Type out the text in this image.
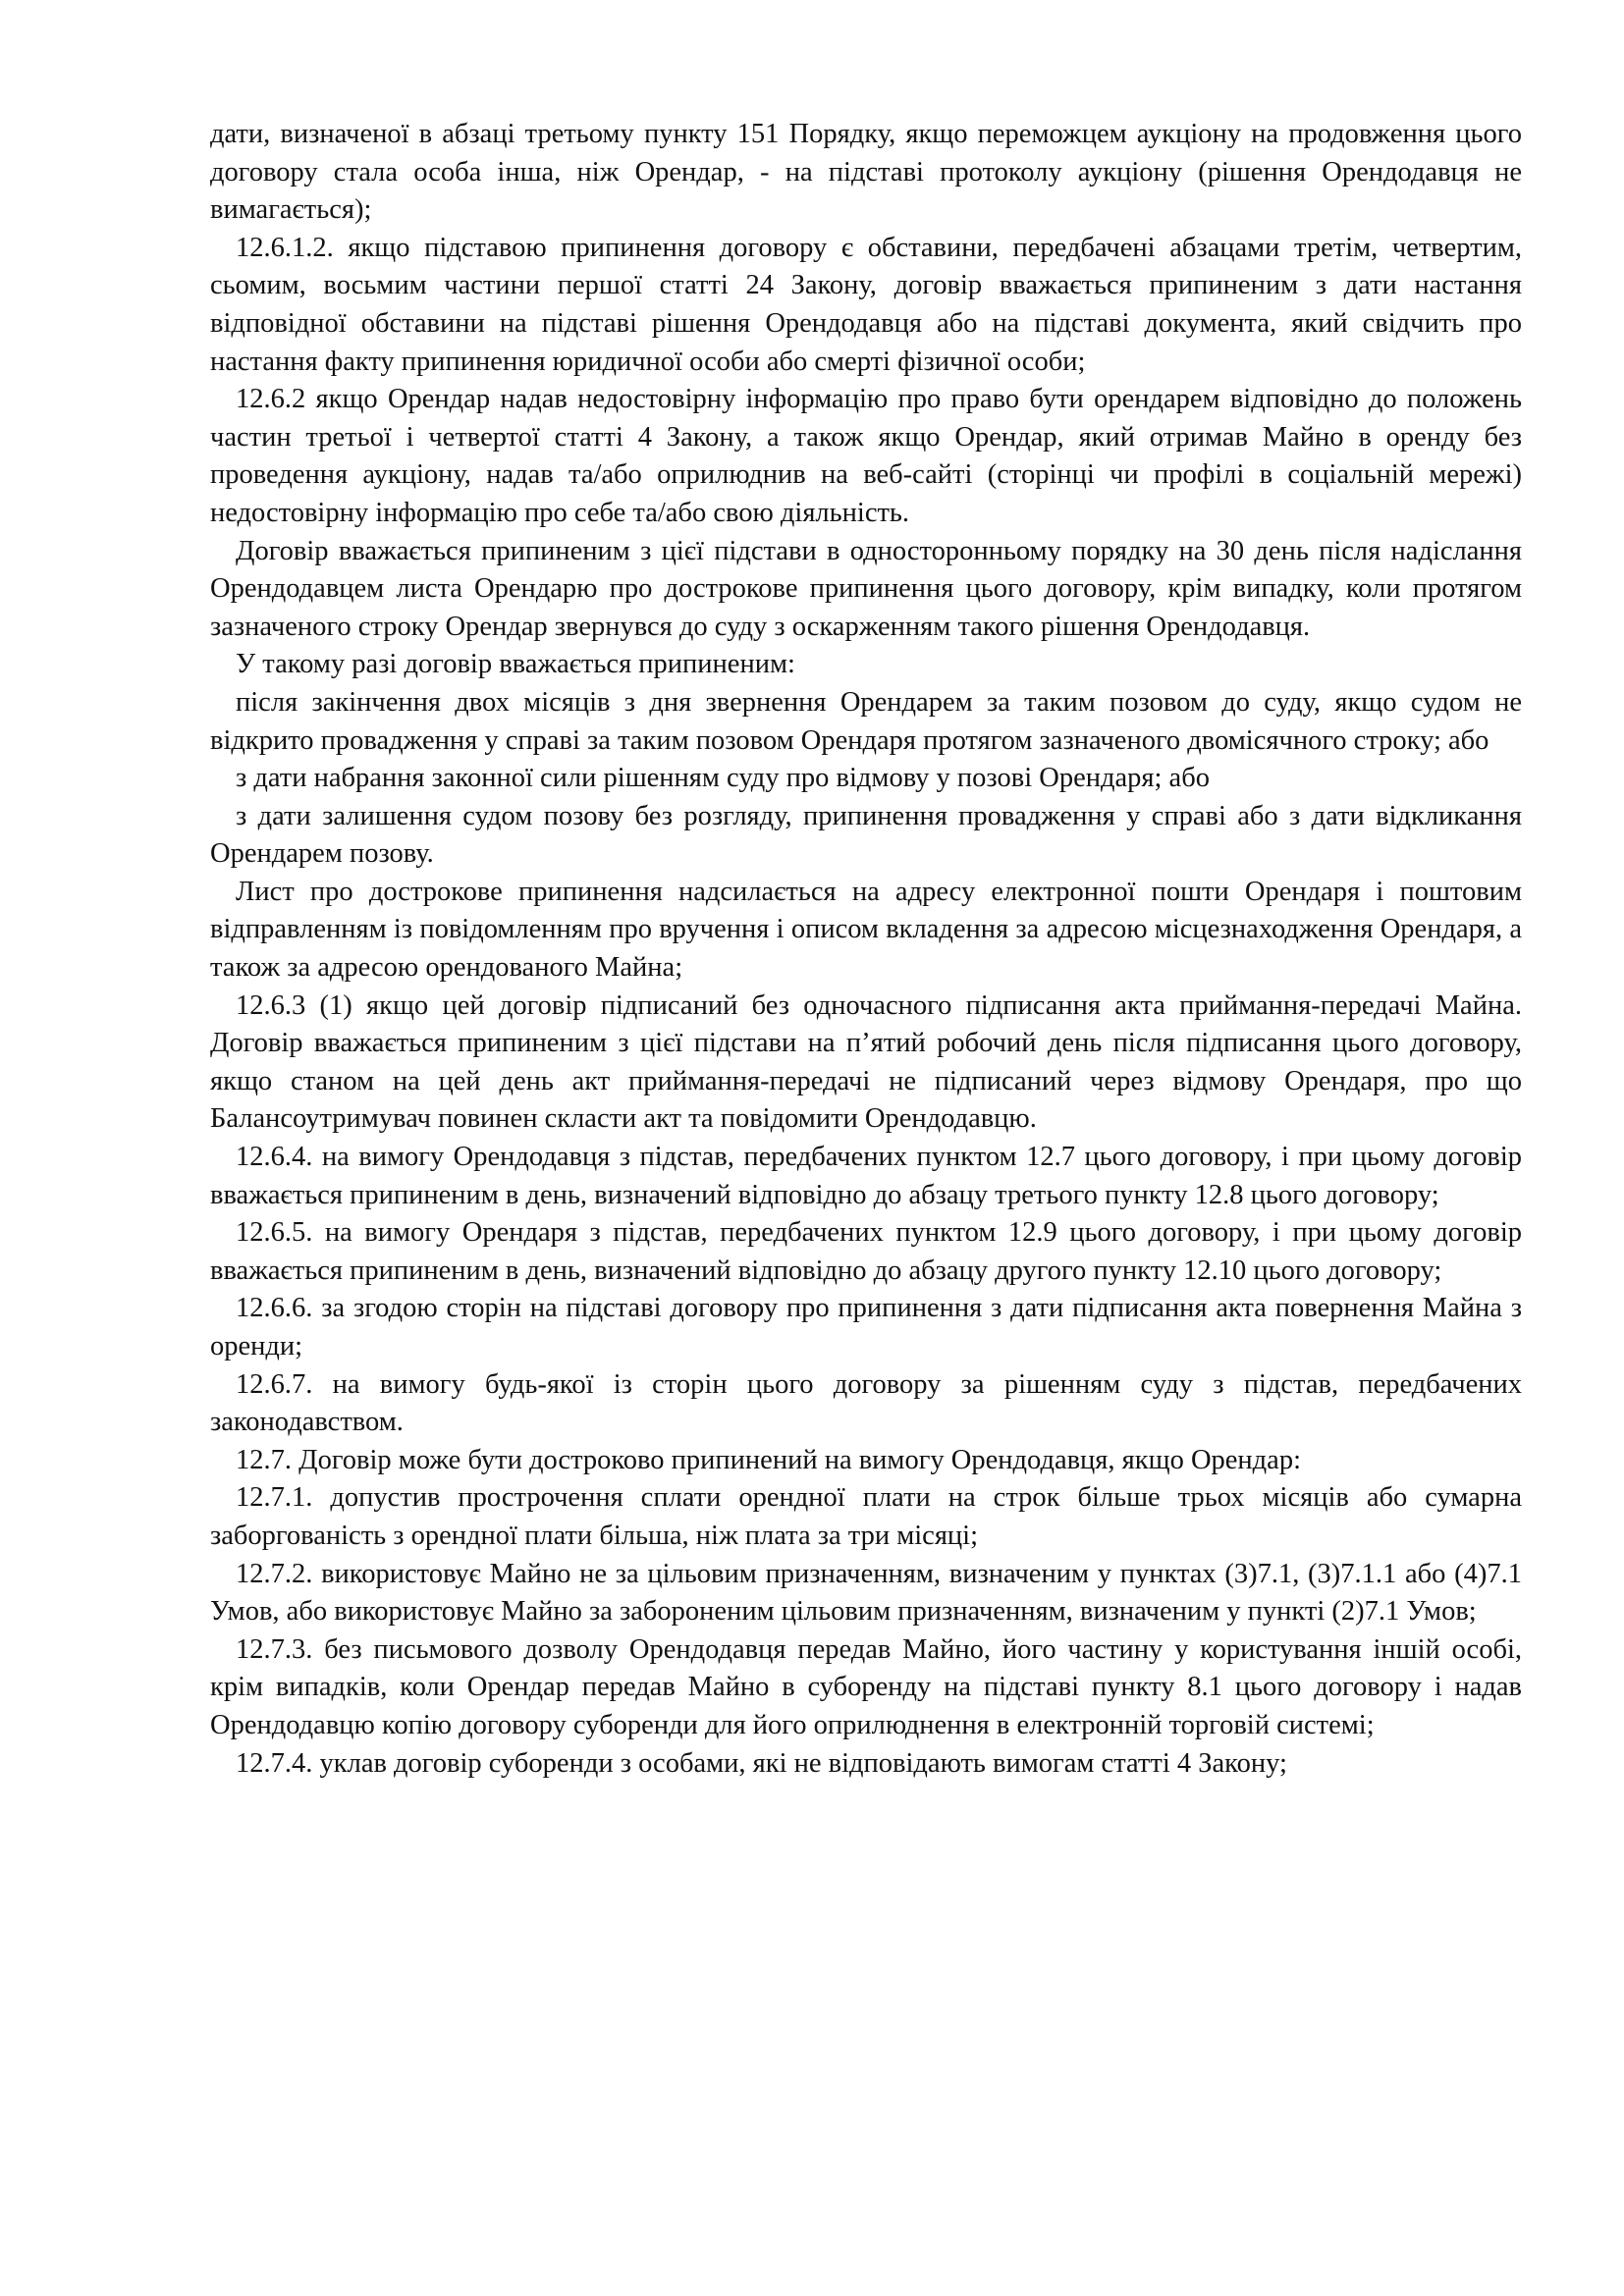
дати, визначеної в абзаці третьому пункту 151 Порядку, якщо переможцем аукціону на продовження цього договору стала особа інша, ніж Орендар, - на підставі протоколу аукціону (рішення Орендодавця не вимагається);

12.6.1.2. якщо підставою припинення договору є обставини, передбачені абзацами третім, четвертим, сьомим, восьмим частини першої статті 24 Закону, договір вважається припиненим з дати настання відповідної обставини на підставі рішення Орендодавця або на підставі документа, який свідчить про настання факту припинення юридичної особи або смерті фізичної особи;

12.6.2 якщо Орендар надав недостовірну інформацію про право бути орендарем відповідно до положень частин третьої і четвертої статті 4 Закону, а також якщо Орендар, який отримав Майно в оренду без проведення аукціону, надав та/або оприлюднив на веб-сайті (сторінці чи профілі в соціальній мережі) недостовірну інформацію про себе та/або свою діяльність.

Договір вважається припиненим з цієї підстави в односторонньому порядку на 30 день після надіслання Орендодавцем листа Орендарю про дострокове припинення цього договору, крім випадку, коли протягом зазначеного строку Орендар звернувся до суду з оскарженням такого рішення Орендодавця.

У такому разі договір вважається припиненим:

після закінчення двох місяців з дня звернення Орендарем за таким позовом до суду, якщо судом не відкрито провадження у справі за таким позовом Орендаря протягом зазначеного двомісячного строку; або

з дати набрання законної сили рішенням суду про відмову у позові Орендаря; або

з дати залишення судом позову без розгляду, припинення провадження у справі або з дати відкликання Орендарем позову.

Лист про дострокове припинення надсилається на адресу електронної пошти Орендаря і поштовим відправленням із повідомленням про вручення і описом вкладення за адресою місцезнаходження Орендаря, а також за адресою орендованого Майна;

12.6.3 (1) якщо цей договір підписаний без одночасного підписання акта приймання-передачі Майна. Договір вважається припиненим з цієї підстави на п’ятий робочий день після підписання цього договору, якщо станом на цей день акт приймання-передачі не підписаний через відмову Орендаря, про що Балансоутримувач повинен скласти акт та повідомити Орендодавцю.

12.6.4. на вимогу Орендодавця з підстав, передбачених пунктом 12.7 цього договору, і при цьому договір вважається припиненим в день, визначений відповідно до абзацу третього пункту 12.8 цього договору;

12.6.5. на вимогу Орендаря з підстав, передбачених пунктом 12.9 цього договору, і при цьому договір вважається припиненим в день, визначений відповідно до абзацу другого пункту 12.10 цього договору;

12.6.6. за згодою сторін на підставі договору про припинення з дати підписання акта повернення Майна з оренди;

12.6.7. на вимогу будь-якої із сторін цього договору за рішенням суду з підстав, передбачених законодавством.

12.7. Договір може бути достроково припинений на вимогу Орендодавця, якщо Орендар:

12.7.1. допустив прострочення сплати орендної плати на строк більше трьох місяців або сумарна заборгованість з орендної плати більша, ніж плата за три місяці;

12.7.2. використовує Майно не за цільовим призначенням, визначеним у пунктах (3)7.1, (3)7.1.1 або (4)7.1 Умов, або використовує Майно за забороненим цільовим призначенням, визначеним у пункті (2)7.1 Умов;

12.7.3. без письмового дозволу Орендодавця передав Майно, його частину у користування іншій особі, крім випадків, коли Орендар передав Майно в суборенду на підставі пункту 8.1 цього договору і надав Орендодавцю копію договору суборенди для його оприлюднення в електронній торговій системі;

12.7.4. уклав договір суборенди з особами, які не відповідають вимогам статті 4 Закону;
